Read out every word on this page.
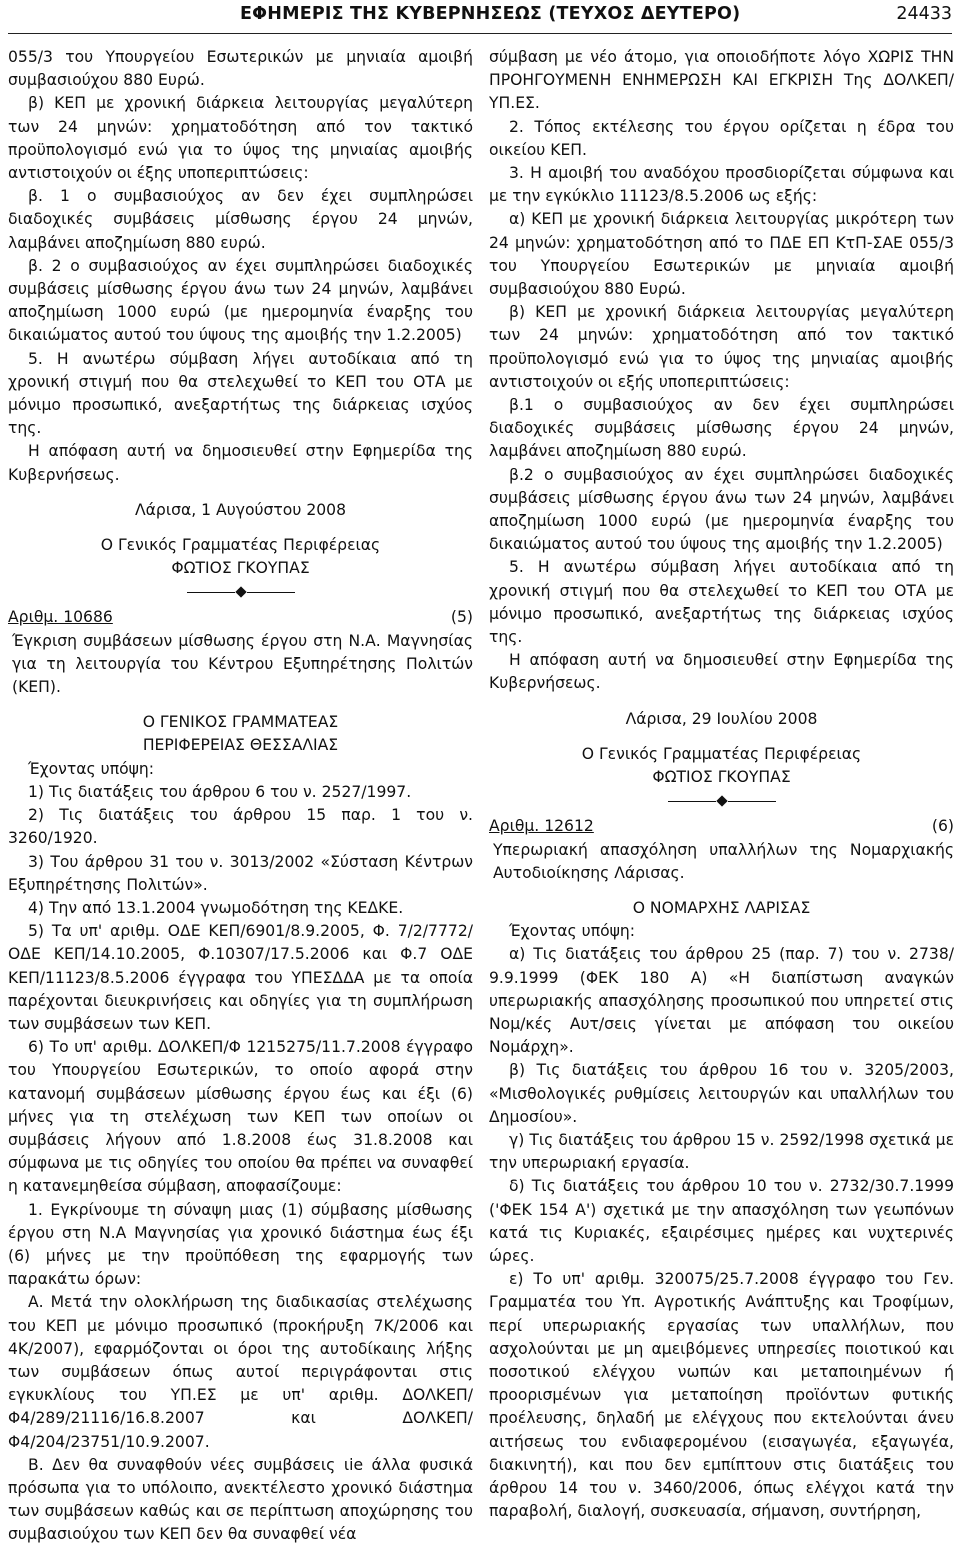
ΕΦΗΜΕΡΙΣ ΤΗΣ ΚΥΒΕΡΝΗΣΕΩΣ (ΤΕΥΧΟΣ ΔΕΥΤΕΡΟ)	24433

055/3 του Υπουργείου Εσωτερικών με μηνιαία αμοιβή συμβασιούχου 880 Ευρώ.

β) ΚΕΠ με χρονική διάρκεια λειτουργίας μεγαλύτερη των 24 μηνών: χρηματοδότηση από τον τακτικό προϋπολογισμό ενώ για το ύψος της μηνιαίας αμοιβής αντιστοιχούν οι έξης υποπεριπτώσεις:

β. 1 ο συμβασιούχος αν δεν έχει συμπληρώσει διαδοχικές συμβάσεις μίσθωσης έργου 24 μηνών, λαμβάνει αποζημίωση 880 ευρώ.

β. 2 ο συμβασιούχος αν έχει συμπληρώσει διαδοχικές συμβάσεις μίσθωσης έργου άνω των 24 μηνών, λαμβάνει αποζημίωση 1000 ευρώ (με ημερομηνία έναρξης του δικαιώματος αυτού του ύψους της αμοιβής την 1.2.2005)

5. Η ανωτέρω σύμβαση λήγει αυτοδίκαια από τη χρονική στιγμή που θα στελεχωθεί το ΚΕΠ του ΟΤΑ με μόνιμο προσωπικό, ανεξαρτήτως της διάρκειας ισχύος της.

Η απόφαση αυτή να δημοσιευθεί στην Εφημερίδα της Κυβερνήσεως.

Λάρισα, 1 Αυγούστου 2008

Ο Γενικός Γραμματέας Περιφέρειας

ΦΩΤΙΟΣ ΓΚΟΥΠΑΣ

Αριθμ. 10686	(5)

Έγκριση συμβάσεων μίσθωσης έργου στη Ν.Α. Μαγνησίας για τη λειτουργία του Κέντρου Εξυπηρέτησης Πολιτών (ΚΕΠ).

Ο ΓΕΝΙΚΟΣ ΓΡΑΜΜΑΤΕΑΣ

ΠΕΡΙΦΕΡΕΙΑΣ ΘΕΣΣΑΛΙΑΣ

Έχοντας υπόψη:

1) Τις διατάξεις του άρθρου 6 του ν. 2527/1997.

2) Τις διατάξεις του άρθρου 15 παρ. 1 του ν. 3260/1920.

3) Του άρθρου 31 του ν. 3013/2002 «Σύσταση Κέντρων Εξυπηρέτησης Πολιτών».

4) Την από 13.1.2004 γνωμοδότηση της ΚΕΔΚΕ.

5) Τα υπ' αριθμ. ΟΔΕ ΚΕΠ/6901/8.9.2005, Φ. 7/2/7772/ ΟΔΕ ΚΕΠ/14.10.2005, Φ.10307/17.5.2006 και Φ.7 ΟΔΕ ΚΕΠ/11123/8.5.2006 έγγραφα του ΥΠΕΣΔΔΑ με τα οποία παρέχονται διευκρινήσεις και οδηγίες για τη συμπλήρωση των συμβάσεων των ΚΕΠ.

6) Το υπ' αριθμ. ΔΟΛΚΕΠ/Φ 1215275/11.7.2008 έγγραφο του Υπουργείου Εσωτερικών, το οποίο αφορά στην κατανομή συμβάσεων μίσθωσης έργου έως και έξι (6) μήνες για τη στελέχωση των ΚΕΠ των οποίων οι συμβάσεις λήγουν από 1.8.2008 έως 31.8.2008 και σύμφωνα με τις οδηγίες του οποίου θα πρέπει να συναφθεί η κατανεμηθείσα σύμβαση, αποφασίζουμε:

1. Εγκρίνουμε τη σύναψη μιας (1) σύμβασης μίσθωσης έργου στη Ν.Α Μαγνησίας για χρονικό διάστημα έως έξι (6) μήνες με την προϋπόθεση της εφαρμογής των παρακάτω όρων:

Α. Μετά την ολοκλήρωση της διαδικασίας στελέχωσης του ΚΕΠ με μόνιμο προσωπικό (προκήρυξη 7Κ/2006 και 4Κ/2007), εφαρμόζονται οι όροι της αυτοδίκαιης λήξης των συμβάσεων όπως αυτοί περιγράφονται στις εγκυκλίους του ΥΠ.ΕΣ με υπ' αριθμ. ΔΟΛΚΕΠ/Φ4/289/21116/16.8.2007 και ΔΟΛΚΕΠ/Φ4/204/23751/10.9.2007.

Β. Δεν θα συναφθούν νέες συμβάσεις ιie άλλα φυσικά πρόσωπα για το υπόλοιπο, ανεκτέλεστο χρονικό διάστημα των συμβάσεων καθώς και σε περίπτωση αποχώρησης του συμβασιούχου των ΚΕΠ δεν θα συναφθεί νέα

σύμβαση με νέο άτομο, για οποιοδήποτε λόγο ΧΩΡΙΣ ΤΗΝ ΠΡΟΗΓΟΥΜΕΝΗ ΕΝΗΜΕΡΩΣΗ ΚΑΙ ΕΓΚΡΙΣΗ Της ΔΟΛΚΕΠ/ΥΠ.ΕΣ.

2. Τόπος εκτέλεσης του έργου ορίζεται η έδρα του οικείου ΚΕΠ.

3. Η αμοιβή του αναδόχου προσδιορίζεται σύμφωνα και με την εγκύκλιο 11123/8.5.2006 ως εξής:

α) ΚΕΠ με χρονική διάρκεια λειτουργίας μικρότερη των 24 μηνών: χρηματοδότηση από το ΠΔΕ ΕΠ ΚτΠ-ΣΑΕ 055/3 του Υπουργείου Εσωτερικών με μηνιαία αμοιβή συμβασιούχου 880 Ευρώ.

β) ΚΕΠ με χρονική διάρκεια λειτουργίας μεγαλύτερη των 24 μηνών: χρηματοδότηση από τον τακτικό προϋπολογισμό ενώ για το ύψος της μηνιαίας αμοιβής αντιστοιχούν οι εξής υποπεριπτώσεις:

β.1 ο συμβασιούχος αν δεν έχει συμπληρώσει διαδοχικές συμβάσεις μίσθωσης έργου 24 μηνών, λαμβάνει αποζημίωση 880 ευρώ.

β.2 ο συμβασιούχος αν έχει συμπληρώσει διαδοχικές συμβάσεις μίσθωσης έργου άνω των 24 μηνών, λαμβάνει αποζημίωση 1000 ευρώ (με ημερομηνία έναρξης του δικαιώματος αυτού του ύψους της αμοιβής την 1.2.2005)

5. Η ανωτέρω σύμβαση λήγει αυτοδίκαια από τη χρονική στιγμή που θα στελεχωθεί το ΚΕΠ του ΟΤΑ με μόνιμο προσωπικό, ανεξαρτήτως της διάρκειας ισχύος της.

Η απόφαση αυτή να δημοσιευθεί στην Εφημερίδα της Κυβερνήσεως.

Λάρισα, 29 Ιουλίου 2008

Ο Γενικός Γραμματέας Περιφέρειας

ΦΩΤΙΟΣ ΓΚΟΥΠΑΣ

Αριθμ. 12612	(6)

Υπερωριακή απασχόληση υπαλλήλων της Νομαρχιακής Αυτοδιοίκησης Λάρισας.

Ο ΝΟΜΑΡΧΗΣ ΛΑΡΙΣΑΣ

Έχοντας υπόψη:

α) Τις διατάξεις του άρθρου 25 (παρ. 7) του ν. 2738/ 9.9.1999 (ΦΕΚ 180 Α) «Η διαπίστωση αναγκών υπερωριακής απασχόλησης προσωπικού που υπηρετεί στις Νομ/κές Αυτ/σεις γίνεται με απόφαση του οικείου Νομάρχη».

β) Τις διατάξεις του άρθρου 16 του ν. 3205/2003, «Μισθολογικές ρυθμίσεις λειτουργών και υπαλλήλων του Δημοσίου».

γ) Τις διατάξεις του άρθρου 15 ν. 2592/1998 σχετικά με την υπερωριακή εργασία.

δ) Τις διατάξεις του άρθρου 10 του ν. 2732/30.7.1999 ('ΦΕΚ 154 Α') σχετικά με την απασχόληση των γεωπόνων κατά τις Κυριακές, εξαιρέσιμες ημέρες και νυχτερινές ώρες.

ε) Το υπ' αριθμ. 320075/25.7.2008 έγγραφο του Γεν. Γραμματέα του Υπ. Αγροτικής Ανάπτυξης και Τροφίμων, περί υπερωριακής εργασίας των υπαλλήλων, που ασχολούνται με μη αμειβόμενες υπηρεσίες ποιοτικού και ποσοτικού ελέγχου νωπών και μεταποιημένων ή προορισμένων για μεταποίηση προϊόντων φυτικής προέλευσης, δηλαδή με ελέγχους που εκτελούνται άνευ αιτήσεως του ενδιαφερομένου (εισαγωγέα, εξαγωγέα, διακινητή), και που δεν εμπίπτουν στις διατάξεις του άρθρου 14 του ν. 3460/2006, όπως ελέγχοι κατά την παραβολή, διαλογή, συσκευασία, σήμανση, συντήρηση,
